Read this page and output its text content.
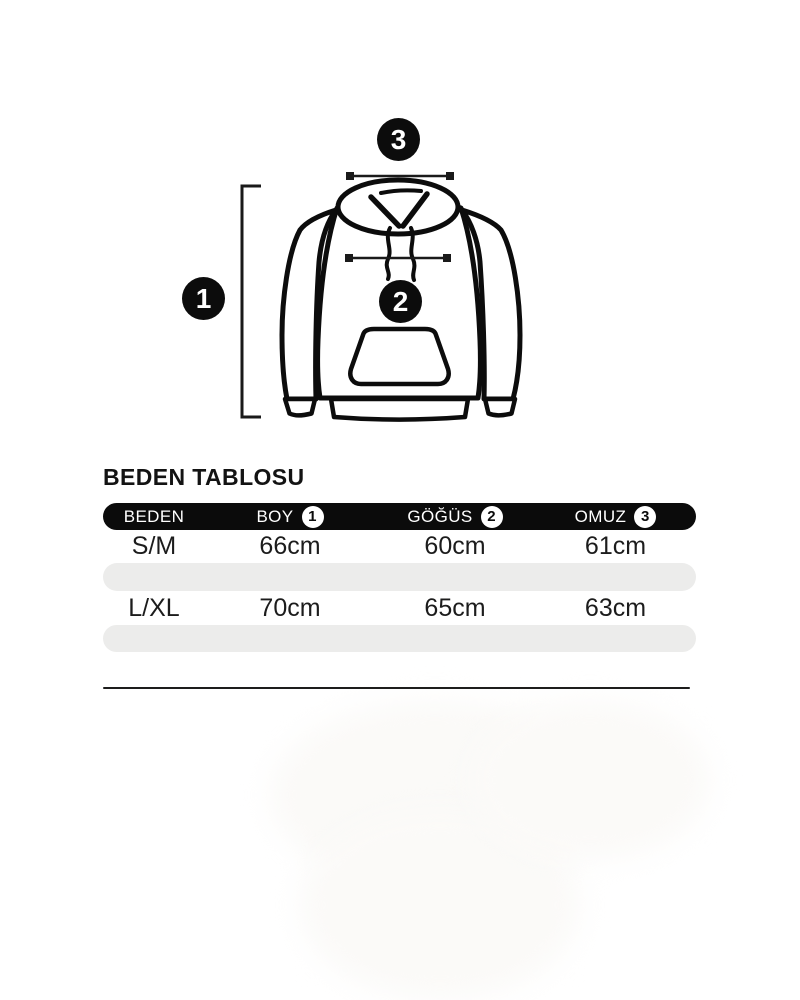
3
1	2
BEDEN TABLOSU
BEDEN	BOY 1	GÖĞÜS 2	OMUZ 3
S/M	66cm	60cm	61cm
L/XL	70cm	65cm	63cm
